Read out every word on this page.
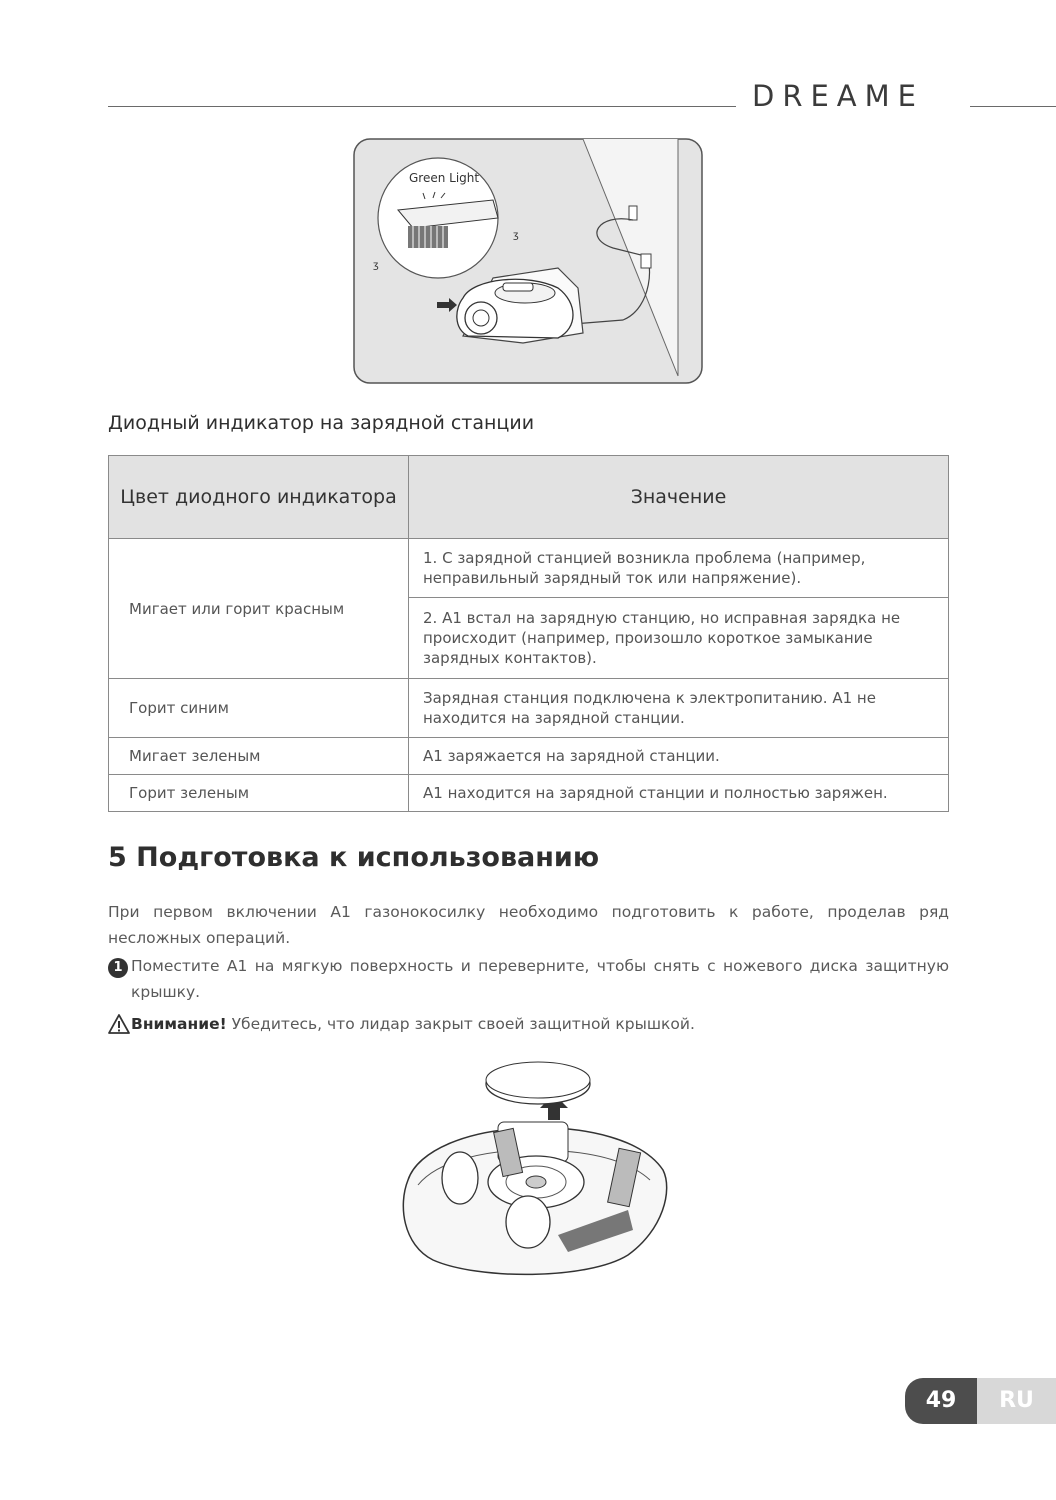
DREAME
Green Light
ʒ
ʒ
Диодный индикатор на зарядной станции
Цвет диодного индикатора	Значение
Мигает или горит красным	1. С зарядной станцией возникла проблема (например, неправильный зарядный ток или напряжение).
	2. A1 встал на зарядную станцию, но исправная зарядка не происходит (например, произошло короткое замыкание зарядных контактов).
Горит синим	Зарядная станция подключена к электропитанию. A1 не находится на зарядной станции.
Мигает зеленым	A1 заряжается на зарядной станции.
Горит зеленым	A1 находится на зарядной станции и полностью заряжен.
5 Подготовка к использованию
При первом включении A1 газонокосилку необходимо подготовить к работе, проделав ряд несложных операций.
1 Поместите A1 на мягкую поверхность и переверните, чтобы снять с ножевого диска защитную крышку.
Внимание! Убедитесь, что лидар закрыт своей защитной крышкой.
49	RU
